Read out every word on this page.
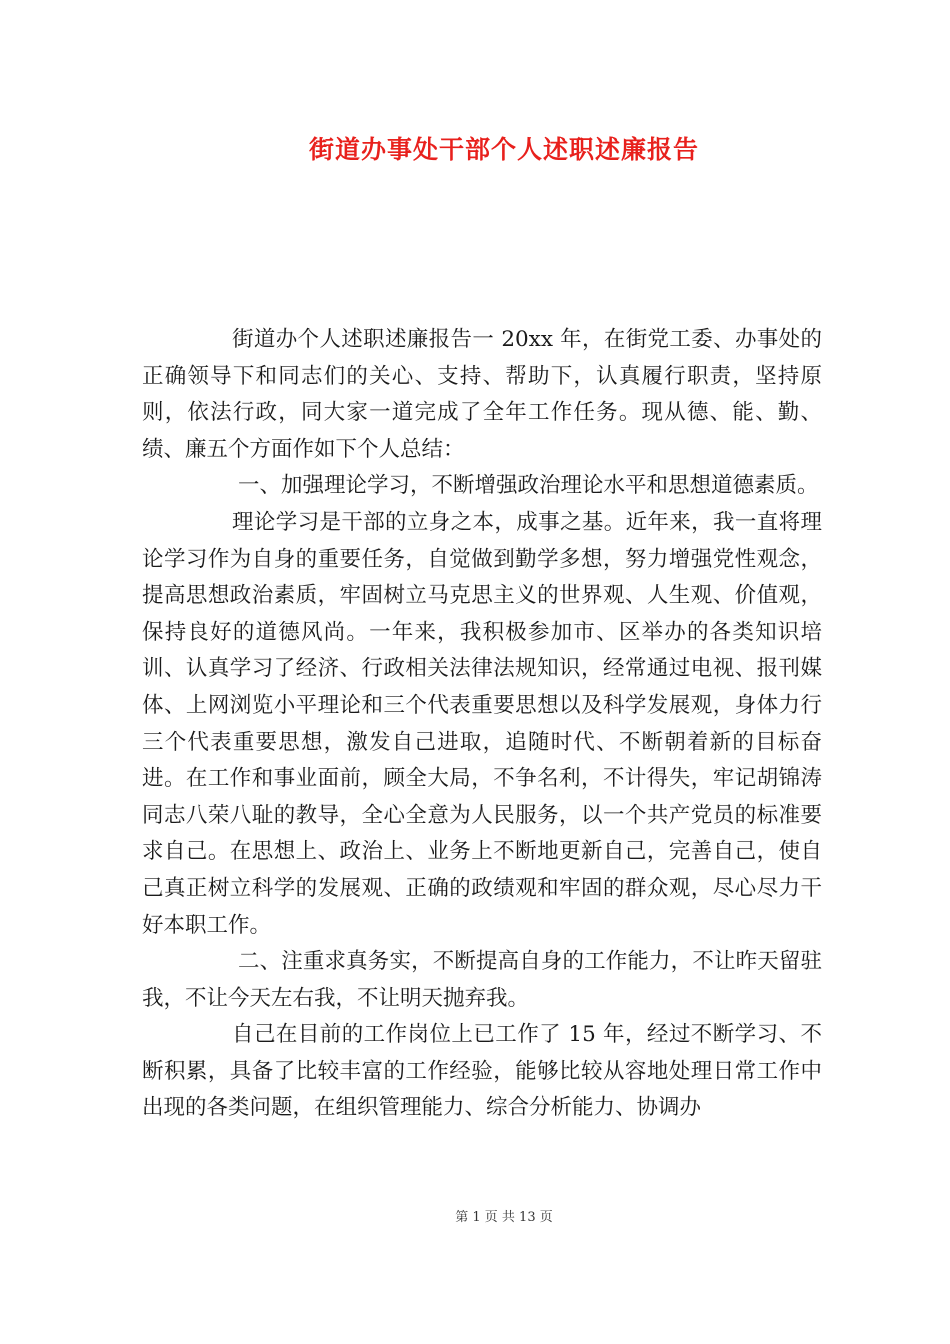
街道办事处干部个人述职述廉报告

街道办个人述职述廉报告一 20xx 年，在街党工委、办事处的正确领导下和同志们的关心、支持、帮助下，认真履行职责，坚持原则，依法行政，同大家一道完成了全年工作任务。现从德、能、勤、绩、廉五个方面作如下个人总结：

一、加强理论学习，不断增强政治理论水平和思想道德素质。

理论学习是干部的立身之本，成事之基。近年来，我一直将理论学习作为自身的重要任务，自觉做到勤学多想，努力增强党性观念，提高思想政治素质，牢固树立马克思主义的世界观、人生观、价值观，保持良好的道德风尚。一年来，我积极参加市、区举办的各类知识培训、认真学习了经济、行政相关法律法规知识，经常通过电视、报刊媒体、上网浏览小平理论和三个代表重要思想以及科学发展观，身体力行三个代表重要思想，激发自己进取，追随时代、不断朝着新的目标奋进。在工作和事业面前，顾全大局，不争名利，不计得失，牢记胡锦涛同志八荣八耻的教导，全心全意为人民服务，以一个共产党员的标准要求自己。在思想上、政治上、业务上不断地更新自己，完善自己，使自己真正树立科学的发展观、正确的政绩观和牢固的群众观，尽心尽力干好本职工作。

二、注重求真务实，不断提高自身的工作能力，不让昨天留驻我，不让今天左右我，不让明天抛弃我。

自己在目前的工作岗位上已工作了 15 年，经过不断学习、不断积累，具备了比较丰富的工作经验，能够比较从容地处理日常工作中出现的各类问题，在组织管理能力、综合分析能力、协调办

第 1 页 共 13 页
